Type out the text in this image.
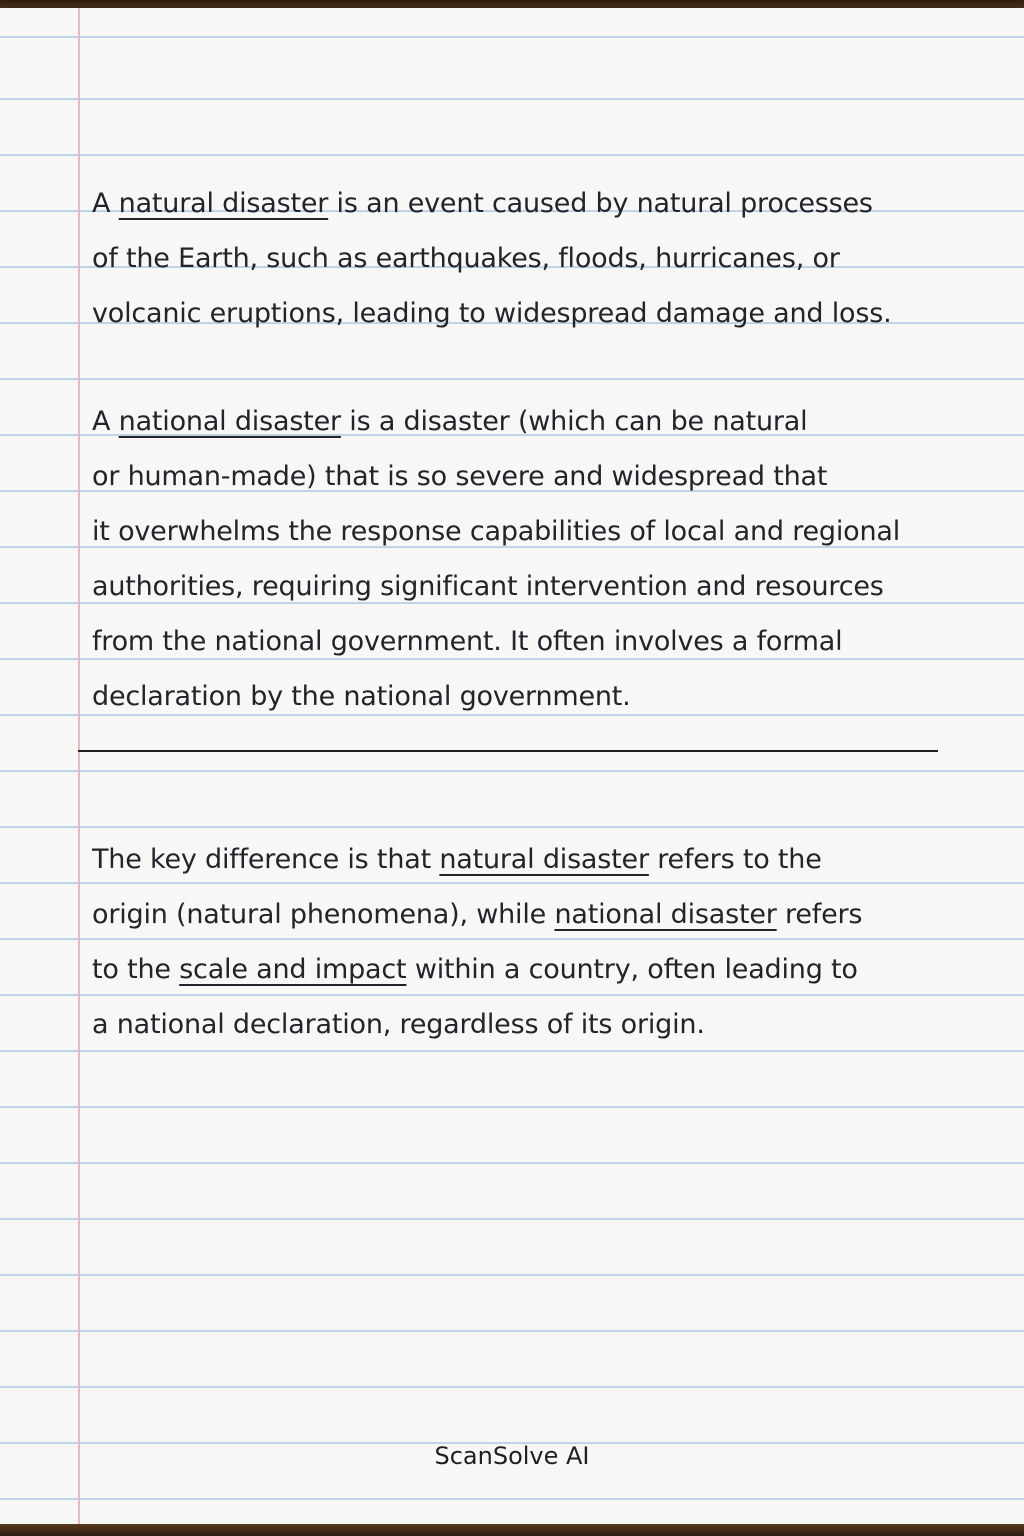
A natural disaster is an event caused by natural processes
of the Earth, such as earthquakes, floods, hurricanes, or
volcanic eruptions, leading to widespread damage and loss.

A national disaster is a disaster (which can be natural
or human-made) that is so severe and widespread that
it overwhelms the response capabilities of local and regional
authorities, requiring significant intervention and resources
from the national government. It often involves a formal
declaration by the national government.

The key difference is that natural disaster refers to the
origin (natural phenomena), while national disaster refers
to the scale and impact within a country, often leading to
a national declaration, regardless of its origin.

ScanSolve AI
